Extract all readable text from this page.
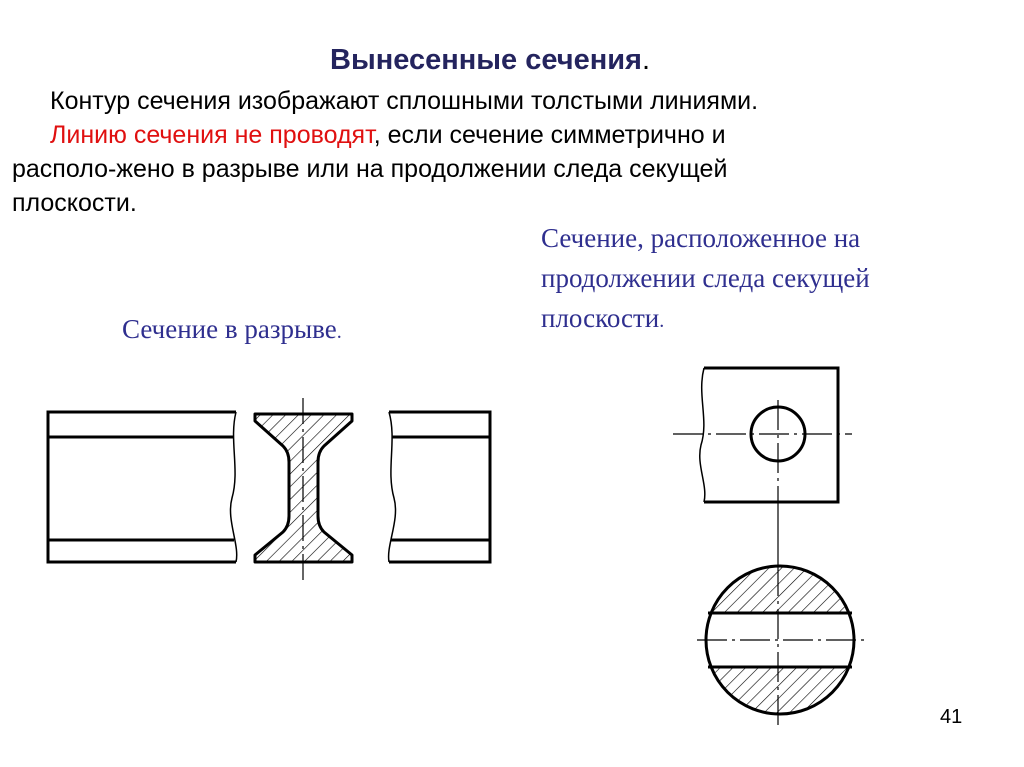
Вынесенные сечения.
Контур сечения изображают сплошными толстыми линиями.
Линию сечения не проводят, если сечение симметрично и
располо-жено в разрыве или на продолжении следа секущей
плоскости.
Сечение в разрыве.
Сечение, расположенное на
продолжении следа секущей
плоскости.
41
